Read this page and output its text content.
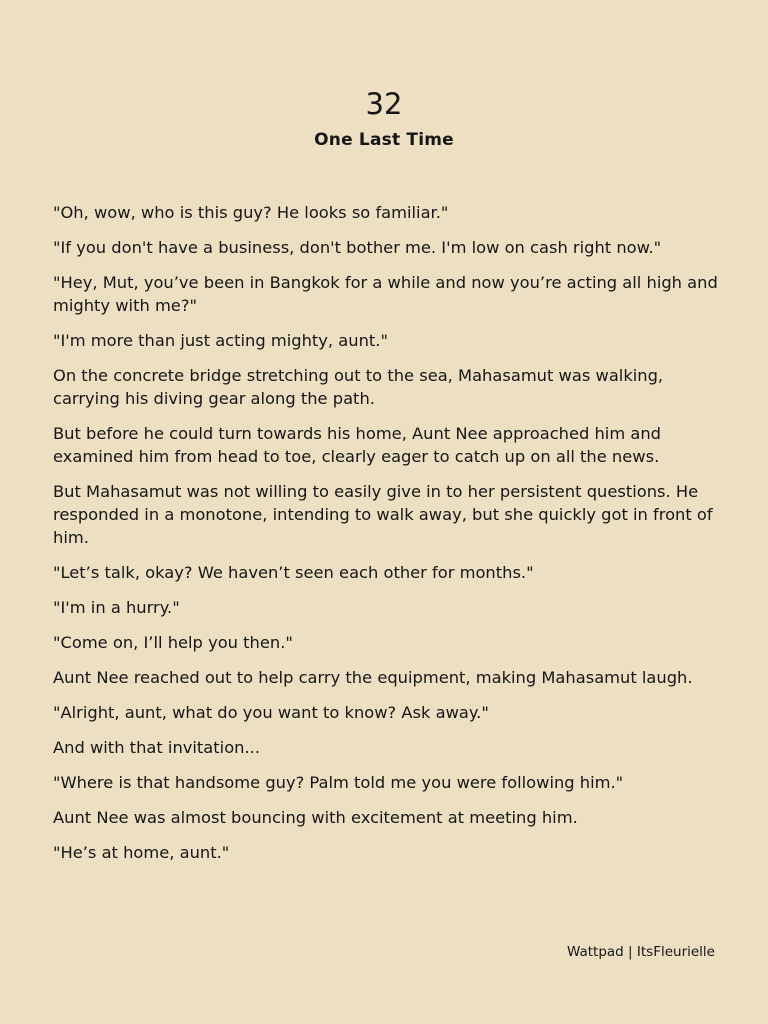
32
One Last Time

"Oh, wow, who is this guy? He looks so familiar."

"If you don't have a business, don't bother me. I'm low on cash right now."

"Hey, Mut, you’ve been in Bangkok for a while and now you’re acting all high and mighty with me?"

"I'm more than just acting mighty, aunt."

On the concrete bridge stretching out to the sea, Mahasamut was walking, carrying his diving gear along the path.

But before he could turn towards his home, Aunt Nee approached him and examined him from head to toe, clearly eager to catch up on all the news.

But Mahasamut was not willing to easily give in to her persistent questions. He responded in a monotone, intending to walk away, but she quickly got in front of him.

"Let’s talk, okay? We haven’t seen each other for months."

"I'm in a hurry."

"Come on, I’ll help you then."

Aunt Nee reached out to help carry the equipment, making Mahasamut laugh.

"Alright, aunt, what do you want to know? Ask away."

And with that invitation...

"Where is that handsome guy? Palm told me you were following him."

Aunt Nee was almost bouncing with excitement at meeting him.

"He’s at home, aunt."

Wattpad | ItsFleurielle
